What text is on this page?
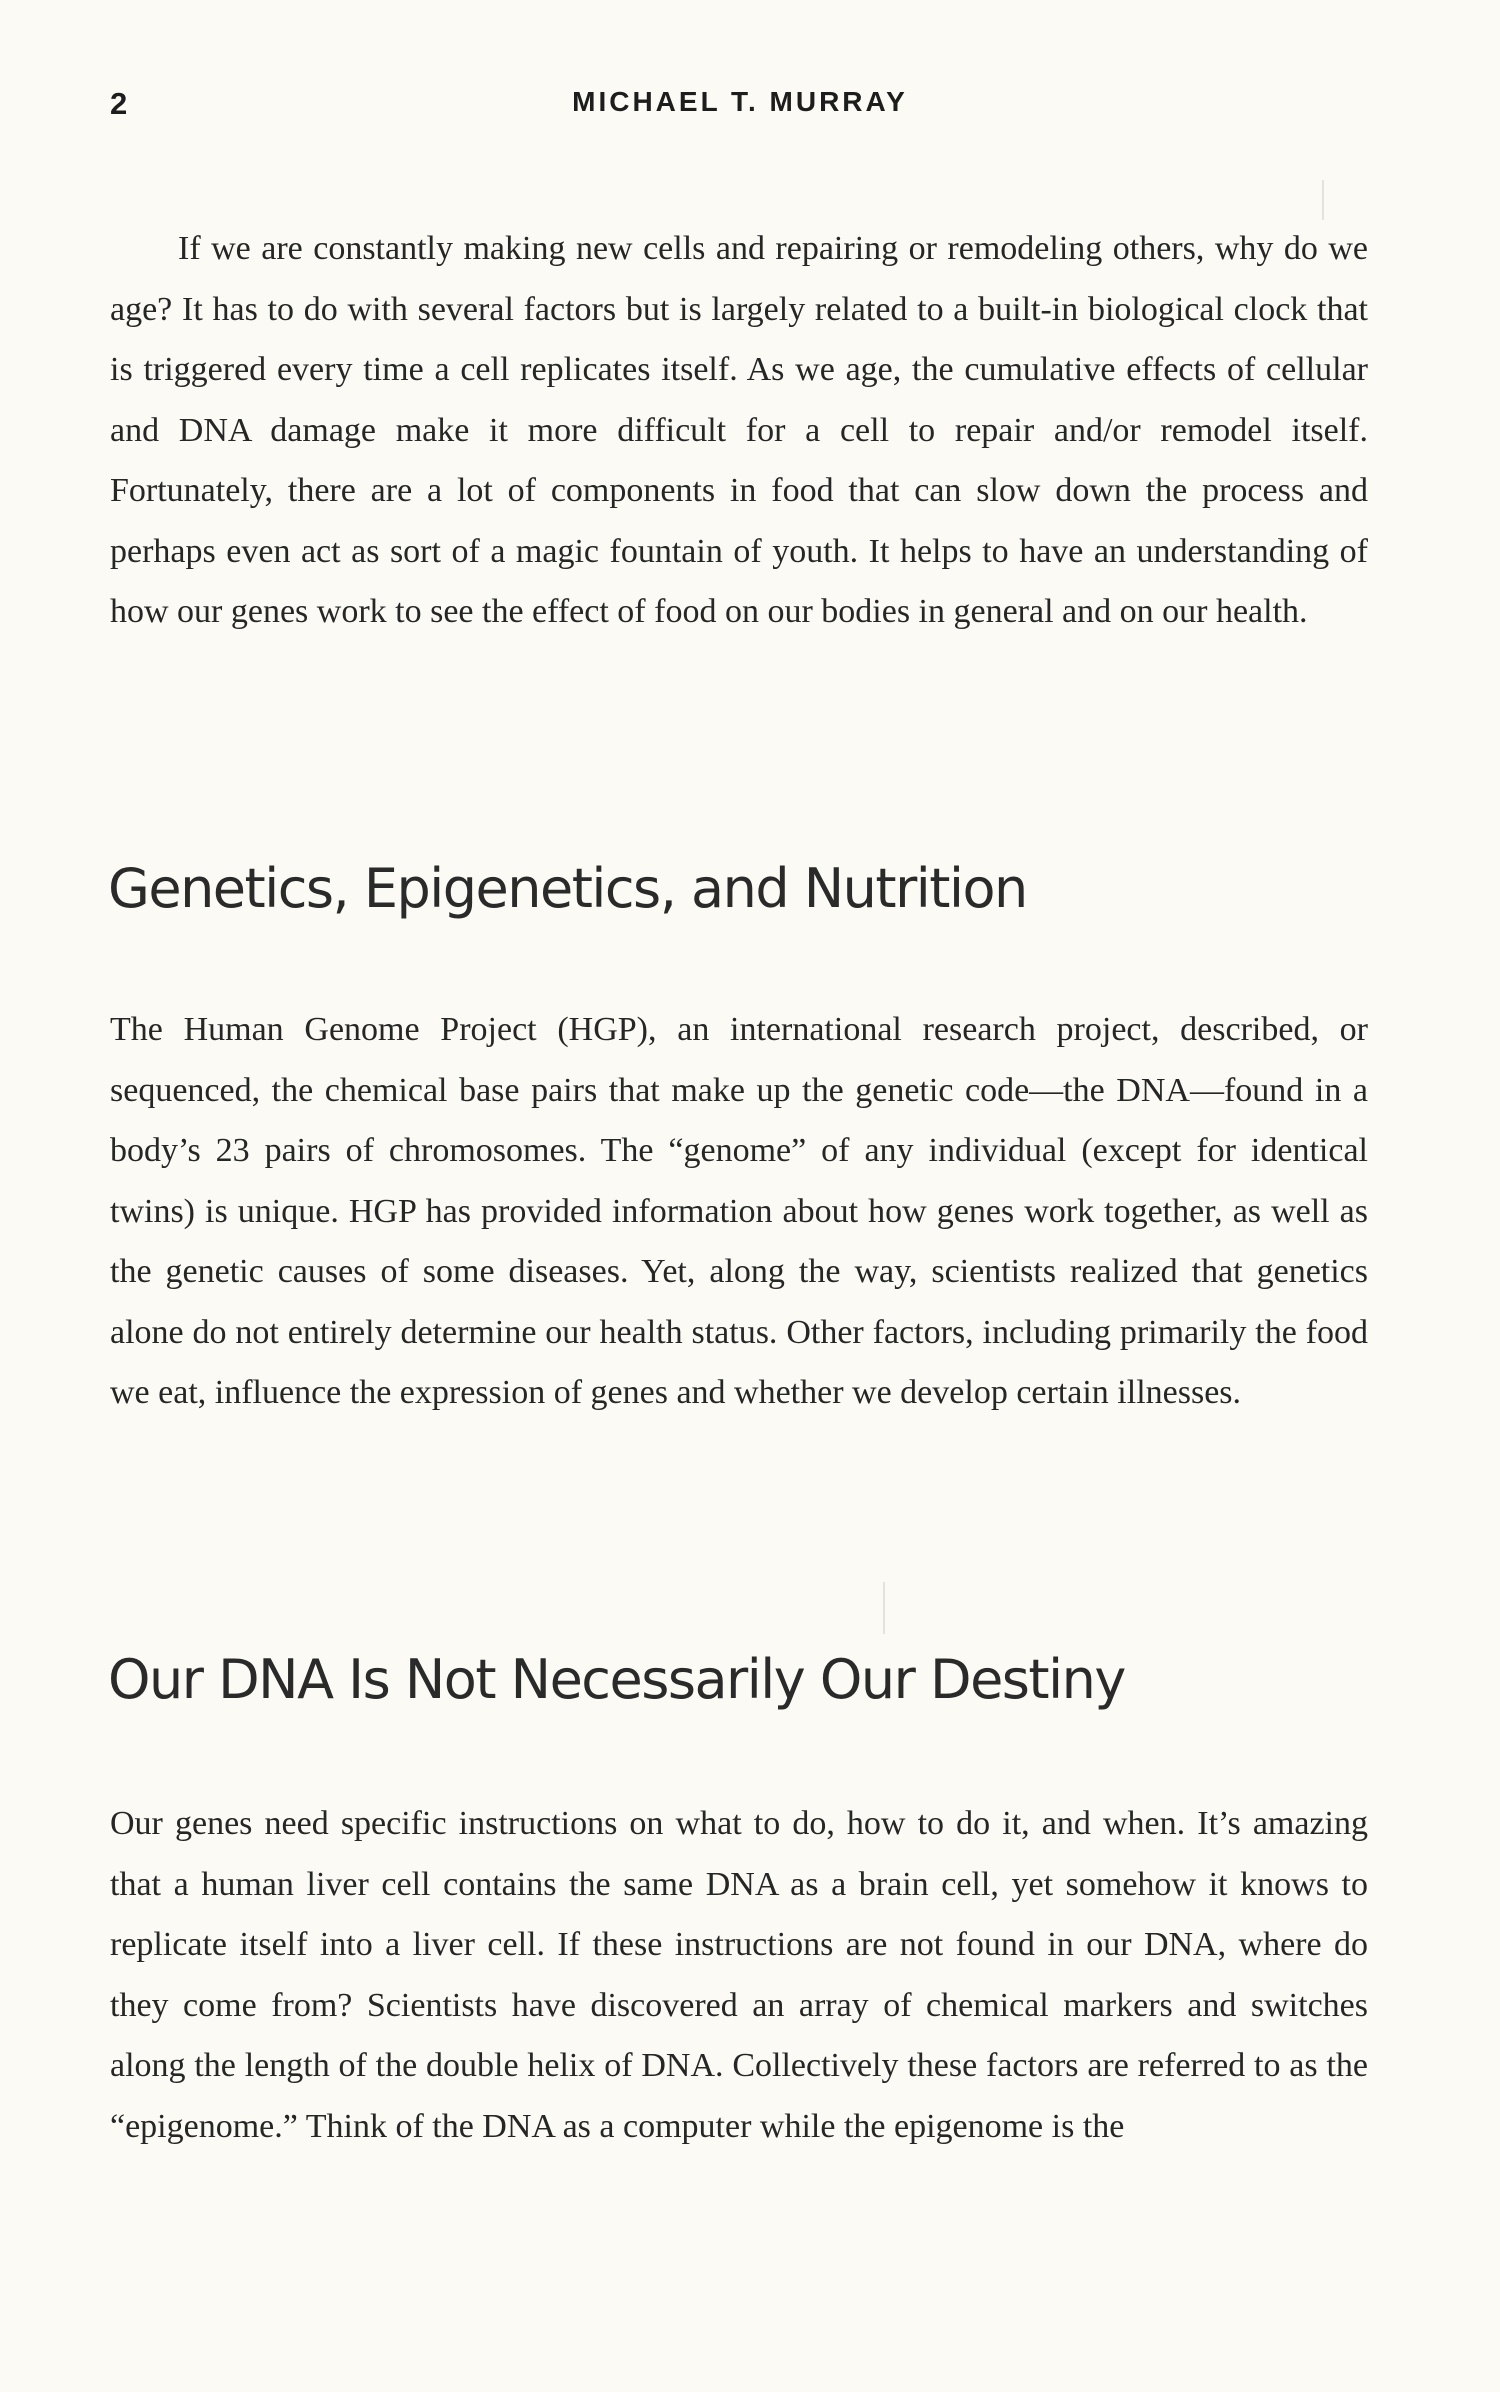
2	MICHAEL T. MURRAY

If we are constantly making new cells and repairing or remodeling others, why do we age? It has to do with several factors but is largely related to a built-in biological clock that is triggered every time a cell replicates itself. As we age, the cumulative effects of cellular and DNA damage make it more difficult for a cell to repair and/or remodel itself. Fortunately, there are a lot of components in food that can slow down the process and perhaps even act as sort of a magic fountain of youth. It helps to have an understanding of how our genes work to see the effect of food on our bodies in general and on our health.

Genetics, Epigenetics, and Nutrition

The Human Genome Project (HGP), an international research project, described, or sequenced, the chemical base pairs that make up the genetic code—the DNA—found in a body’s 23 pairs of chromosomes. The “genome” of any individual (except for identical twins) is unique. HGP has provided information about how genes work together, as well as the genetic causes of some diseases. Yet, along the way, scientists realized that genetics alone do not entirely determine our health status. Other factors, including primarily the food we eat, influence the expression of genes and whether we develop certain illnesses.

Our DNA Is Not Necessarily Our Destiny

Our genes need specific instructions on what to do, how to do it, and when. It’s amazing that a human liver cell contains the same DNA as a brain cell, yet somehow it knows to replicate itself into a liver cell. If these instructions are not found in our DNA, where do they come from? Scientists have discovered an array of chemical markers and switches along the length of the double helix of DNA. Collectively these factors are referred to as the “epigenome.” Think of the DNA as a computer while the epigenome is the
